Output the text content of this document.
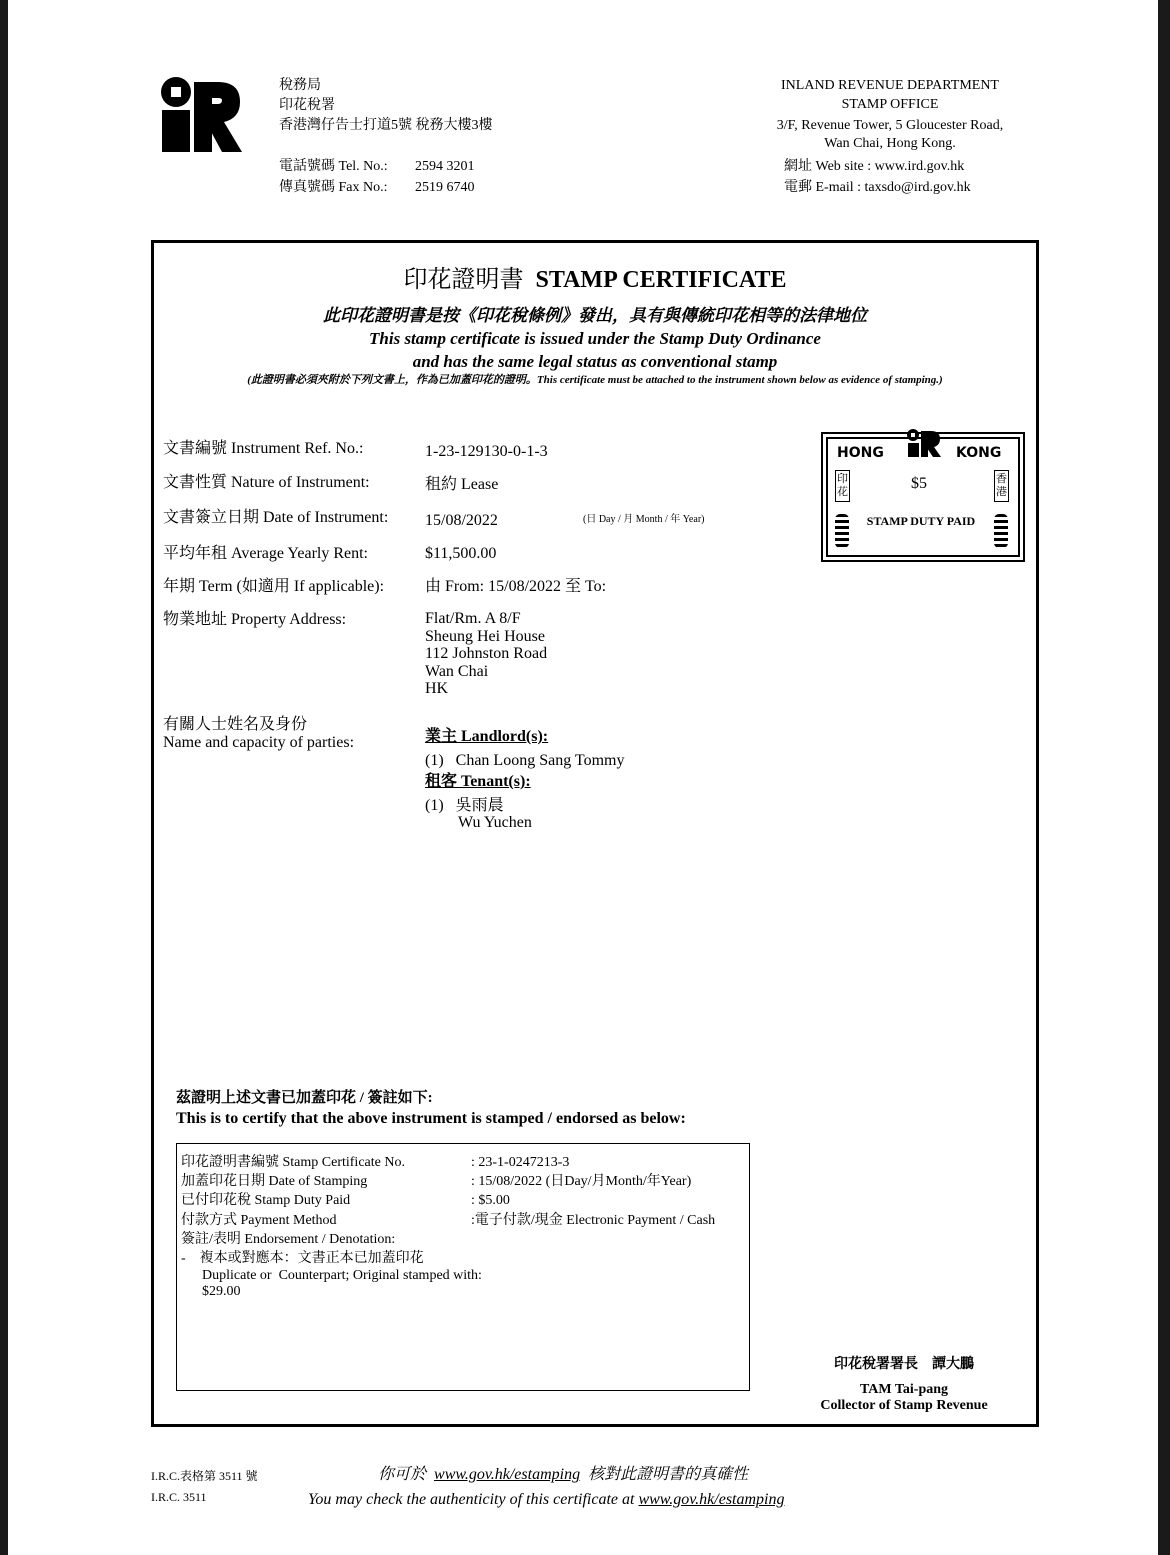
稅務局
印花稅署
香港灣仔告士打道5號 稅務大樓3樓
電話號碼 Tel. No.: 2594 3201
傳真號碼 Fax No.: 2519 6740
INLAND REVENUE DEPARTMENT
STAMP OFFICE
3/F, Revenue Tower, 5 Gloucester Road,
Wan Chai, Hong Kong.
網址 Web site : www.ird.gov.hk
電郵 E-mail : taxsdo@ird.gov.hk
印花證明書 STAMP CERTIFICATE
此印花證明書是按《印花稅條例》發出，具有與傳統印花相等的法律地位
This stamp certificate is issued under the Stamp Duty Ordinance
and has the same legal status as conventional stamp
(此證明書必須夾附於下列文書上，作為已加蓋印花的證明。This certificate must be attached to the instrument shown below as evidence of stamping.)
文書編號 Instrument Ref. No.:	1-23-129130-0-1-3
文書性質 Nature of Instrument:	租約 Lease
文書簽立日期 Date of Instrument: 15/08/2022	(日 Day / 月 Month / 年 Year)
平均年租 Average Yearly Rent:	$11,500.00
年期 Term (如適用 If applicable):	由 From: 15/08/2022 至 To:
物業地址 Property Address:	Flat/Rm. A 8/F
Sheung Hei House
112 Johnston Road
Wan Chai
HK
有關人士姓名及身份
Name and capacity of parties:	業主 Landlord(s):
(1)   Chan Loong Sang Tommy
租客 Tenant(s):
(1)   吳雨晨
Wu Yuchen
HONG	KONG
$5
印花
香港
STAMP DUTY PAID
茲證明上述文書已加蓋印花 / 簽註如下:
This is to certify that the above instrument is stamped / endorsed as below:
印花證明書編號 Stamp Certificate No.	: 23-1-0247213-3
加蓋印花日期 Date of Stamping	: 15/08/2022 (日Day/月Month/年Year)
已付印花稅 Stamp Duty Paid	: $5.00
付款方式 Payment Method	:電子付款/現金 Electronic Payment / Cash
簽註/表明 Endorsement / Denotation:
-    複本或對應本：文書正本已加蓋印花
Duplicate or  Counterpart; Original stamped with:
$29.00
印花稅署署長    譚大鵬
TAM Tai-pang
Collector of Stamp Revenue
I.R.C.表格第 3511 號
I.R.C. 3511
你可於 www.gov.hk/estamping 核對此證明書的真確性
You may check the authenticity of this certificate at www.gov.hk/estamping
